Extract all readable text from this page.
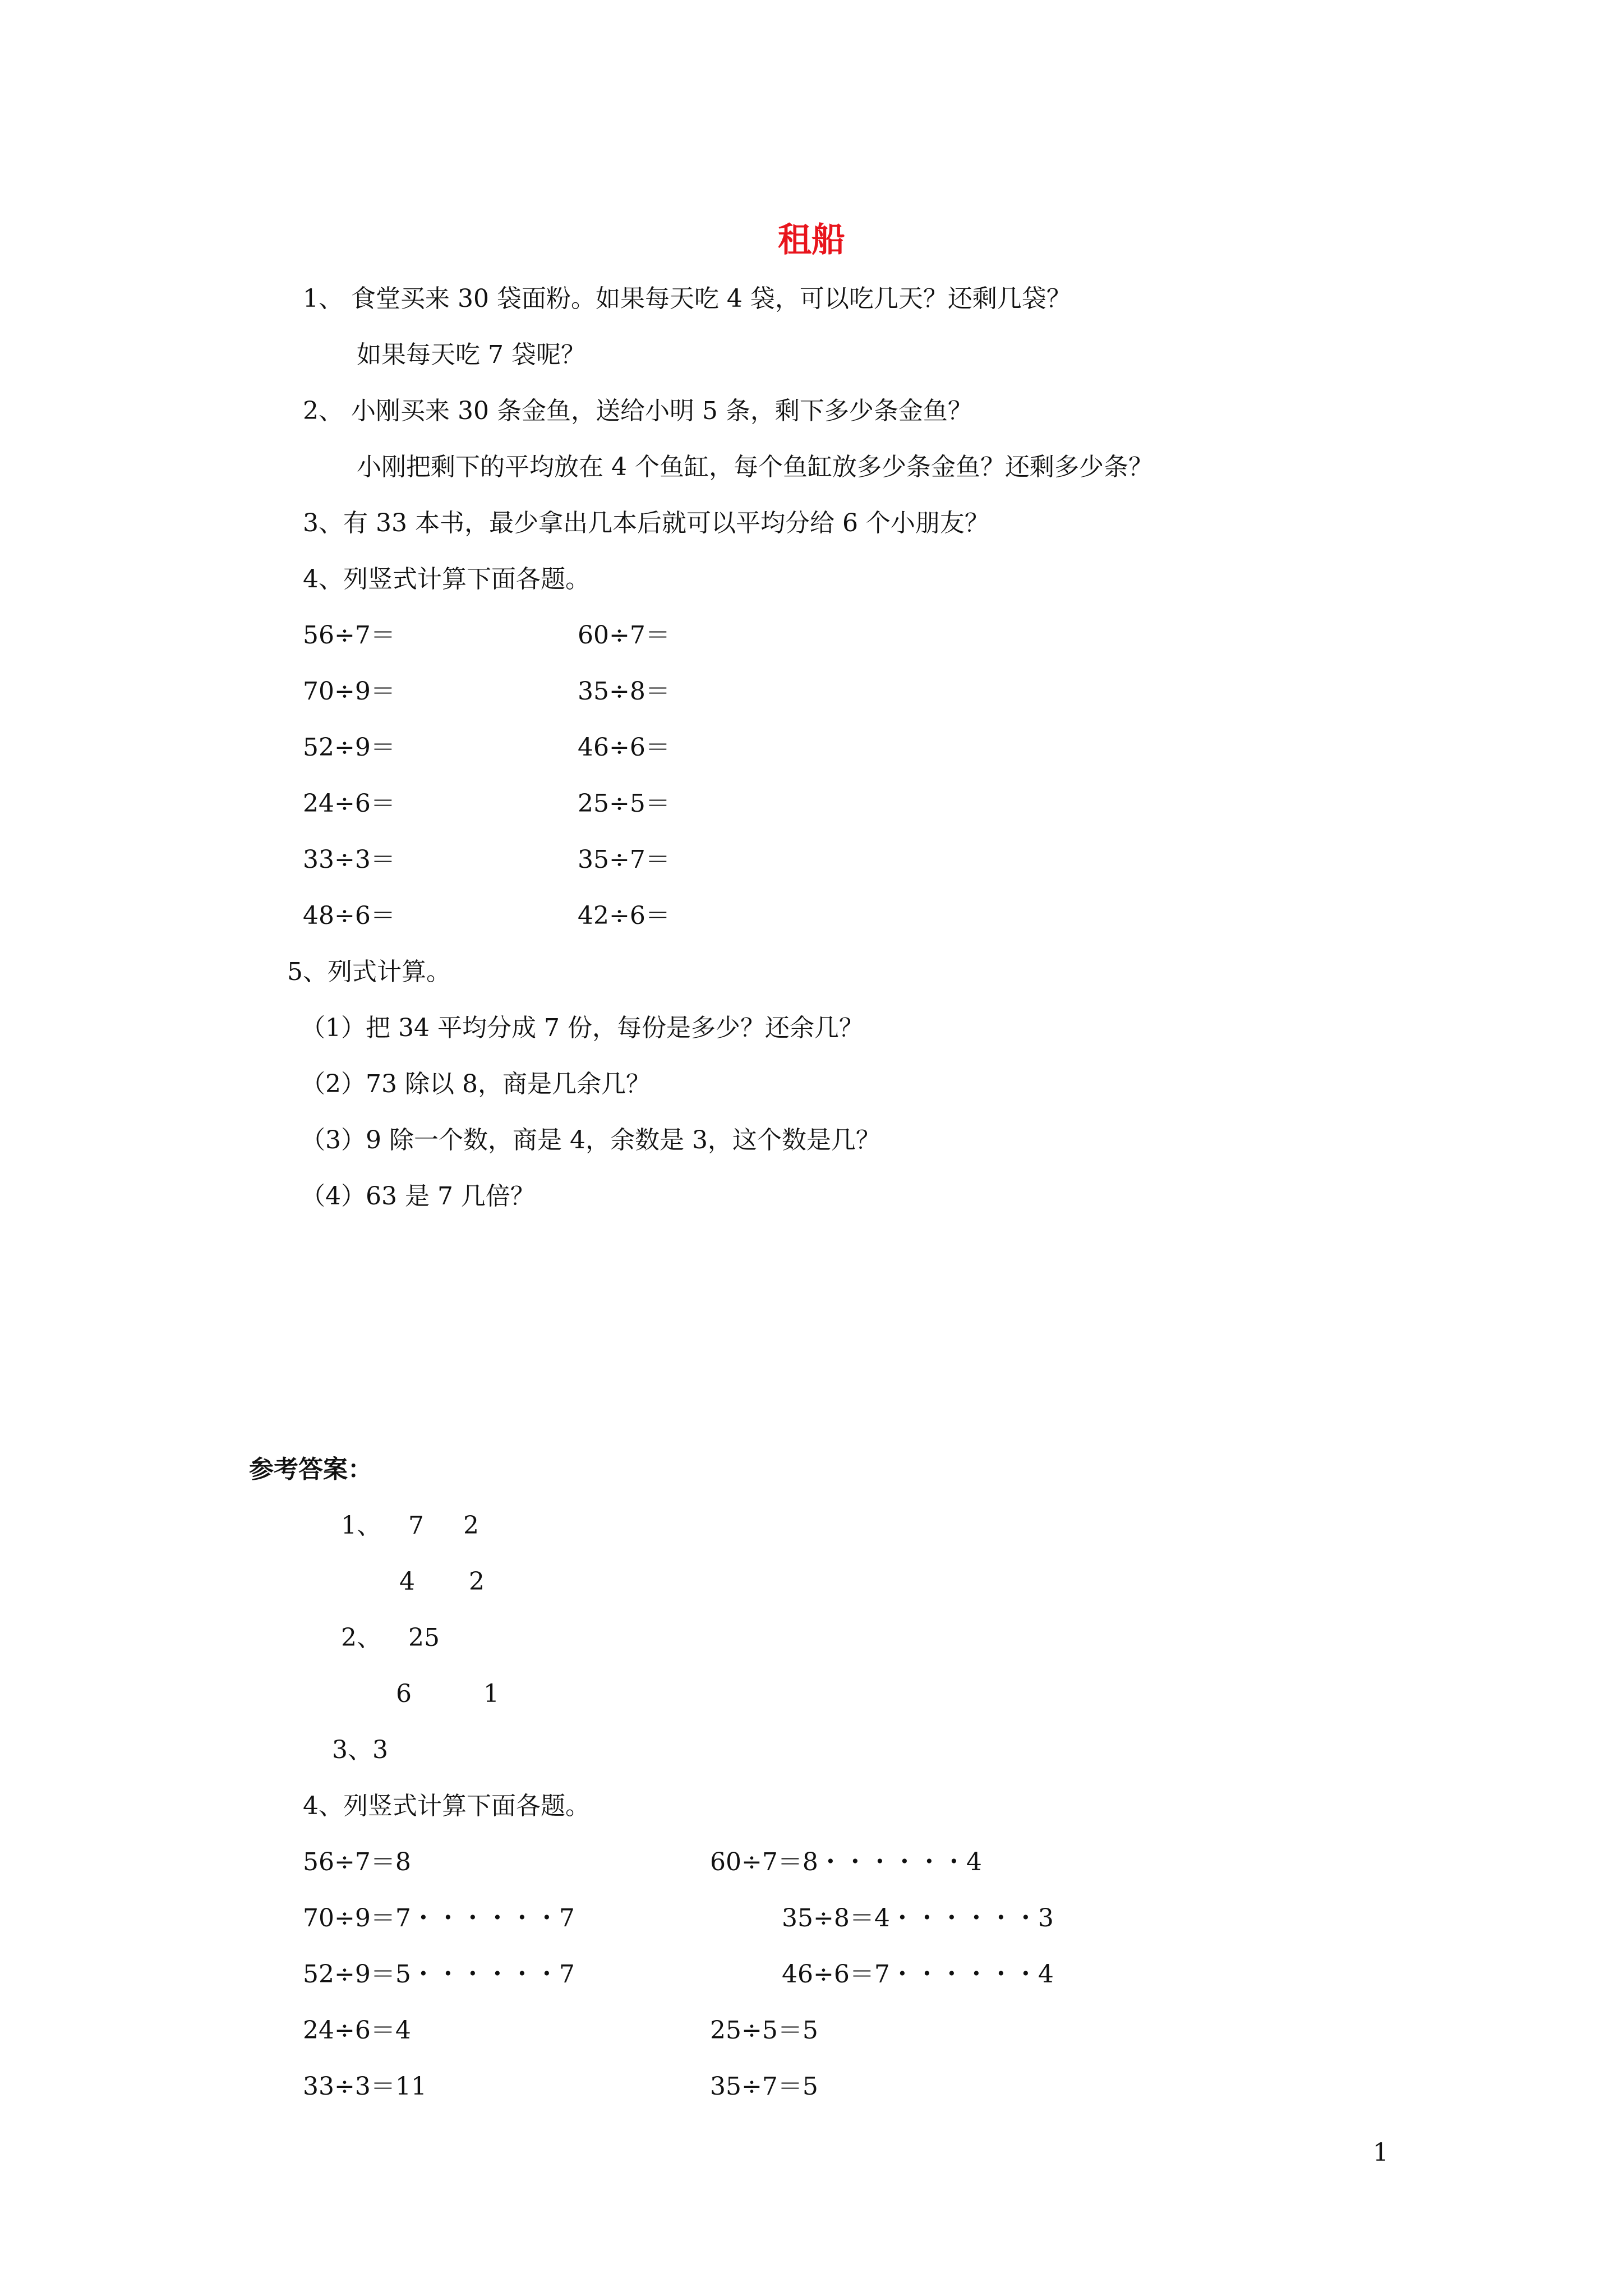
租船

1、 食堂买来 30 袋面粉。如果每天吃 4 袋，可以吃几天？还剩几袋？

如果每天吃 7 袋呢？

2、 小刚买来 30 条金鱼，送给小明 5 条，剩下多少条金鱼？

小刚把剩下的平均放在 4 个鱼缸，每个鱼缸放多少条金鱼？还剩多少条？

3、有 33 本书，最少拿出几本后就可以平均分给 6 个小朋友？

4、列竖式计算下面各题。

56÷7＝

70÷9＝

52÷9＝

24÷6＝

33÷3＝

48÷6＝

60÷7＝

35÷8＝

46÷6＝

25÷5＝

35÷7＝

42÷6＝

5、列式计算。

（1）把 34 平均分成 7 份，每份是多少？还余几？

（2）73 除以 8，商是几余几？

（3）9 除一个数，商是 4，余数是 3，这个数是几？

（4）63 是 7 几倍？

参考答案：

1、 7 2

4 2

2、 25

6	1

3、3

4、列竖式计算下面各题。

56÷7＝8

70÷9＝7・・・・・・7

52÷9＝5・・・・・・7

24÷6＝4

33÷3＝11

60÷7＝8・・・・・・4

35÷8＝4・・・・・・3

46÷6＝7・・・・・・4

25÷5＝5

35÷7＝5

1
